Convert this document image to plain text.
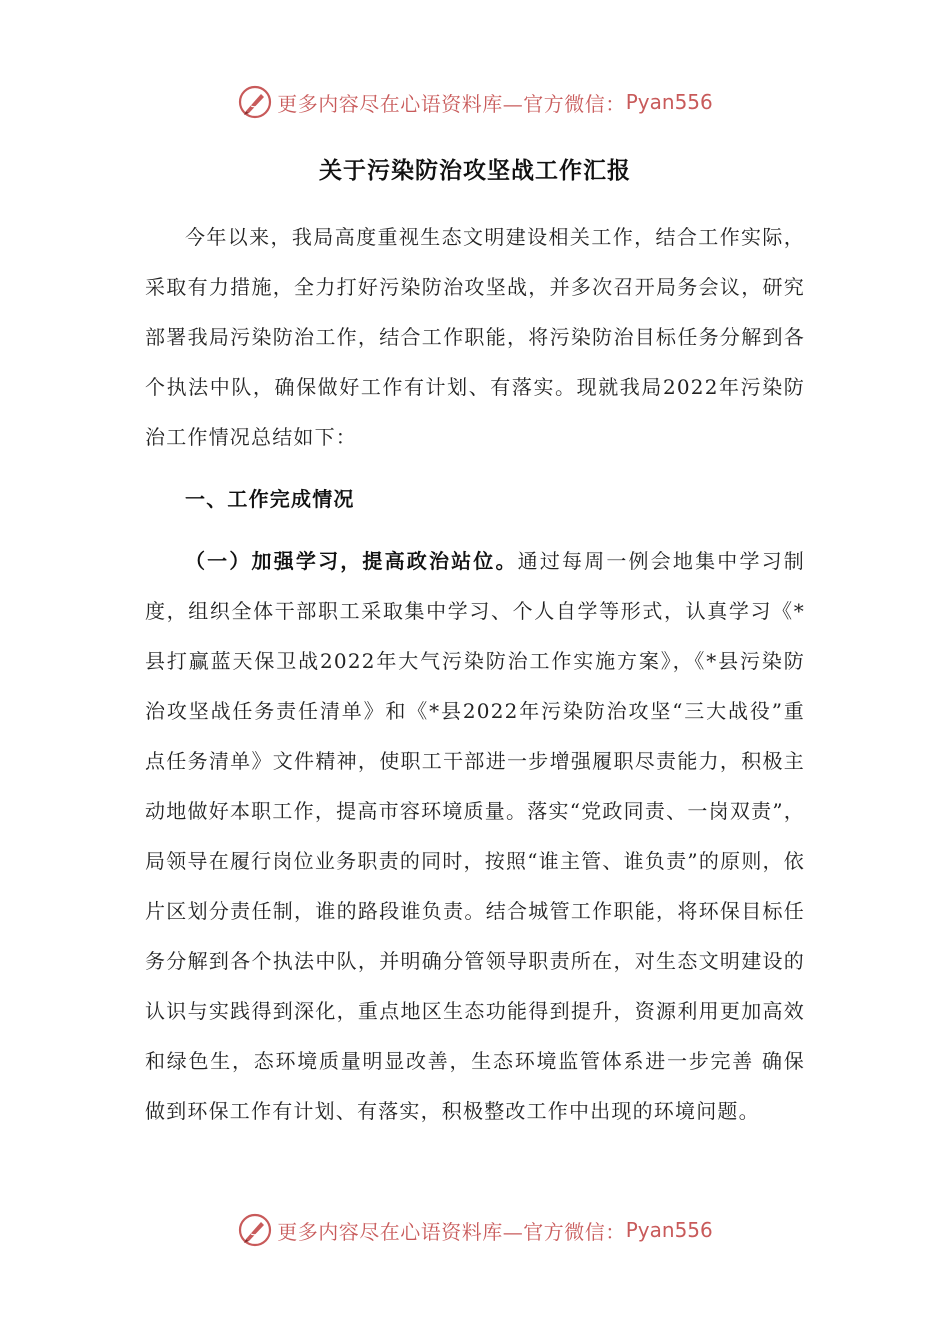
更多内容尽在心语资料库—官方微信： Pyan556
关于污染防治攻坚战工作汇报

今年以来，我局高度重视生态文明建设相关工作，结合工作实际，采取有力措施，全力打好污染防治攻坚战，并多次召开局务会议，研究部署我局污染防治工作，结合工作职能，将污染防治目标任务分解到各个执法中队，确保做好工作有计划、有落实。现就我局2022年污染防治工作情况总结如下：

一、工作完成情况

（一）加强学习，提高政治站位。通过每周一例会地集中学习制度，组织全体干部职工采取集中学习、个人自学等形式，认真学习《*县打赢蓝天保卫战2022年大气污染防治工作实施方案》，《*县污染防治攻坚战任务责任清单》和《*县2022年污染防治攻坚“三大战役”重点任务清单》文件精神，使职工干部进一步增强履职尽责能力，积极主动地做好本职工作，提高市容环境质量。落实“党政同责、一岗双责”，局领导在履行岗位业务职责的同时，按照“谁主管、谁负责”的原则，依片区划分责任制，谁的路段谁负责。结合城管工作职能，将环保目标任务分解到各个执法中队，并明确分管领导职责所在，对生态文明建设的认识与实践得到深化，重点地区生态功能得到提升，资源利用更加高效和绿色生，态环境质量明显改善，生态环境监管体系进一步完善 确保做到环保工作有计划、有落实，积极整改工作中出现的环境问题。

更多内容尽在心语资料库—官方微信： Pyan556
